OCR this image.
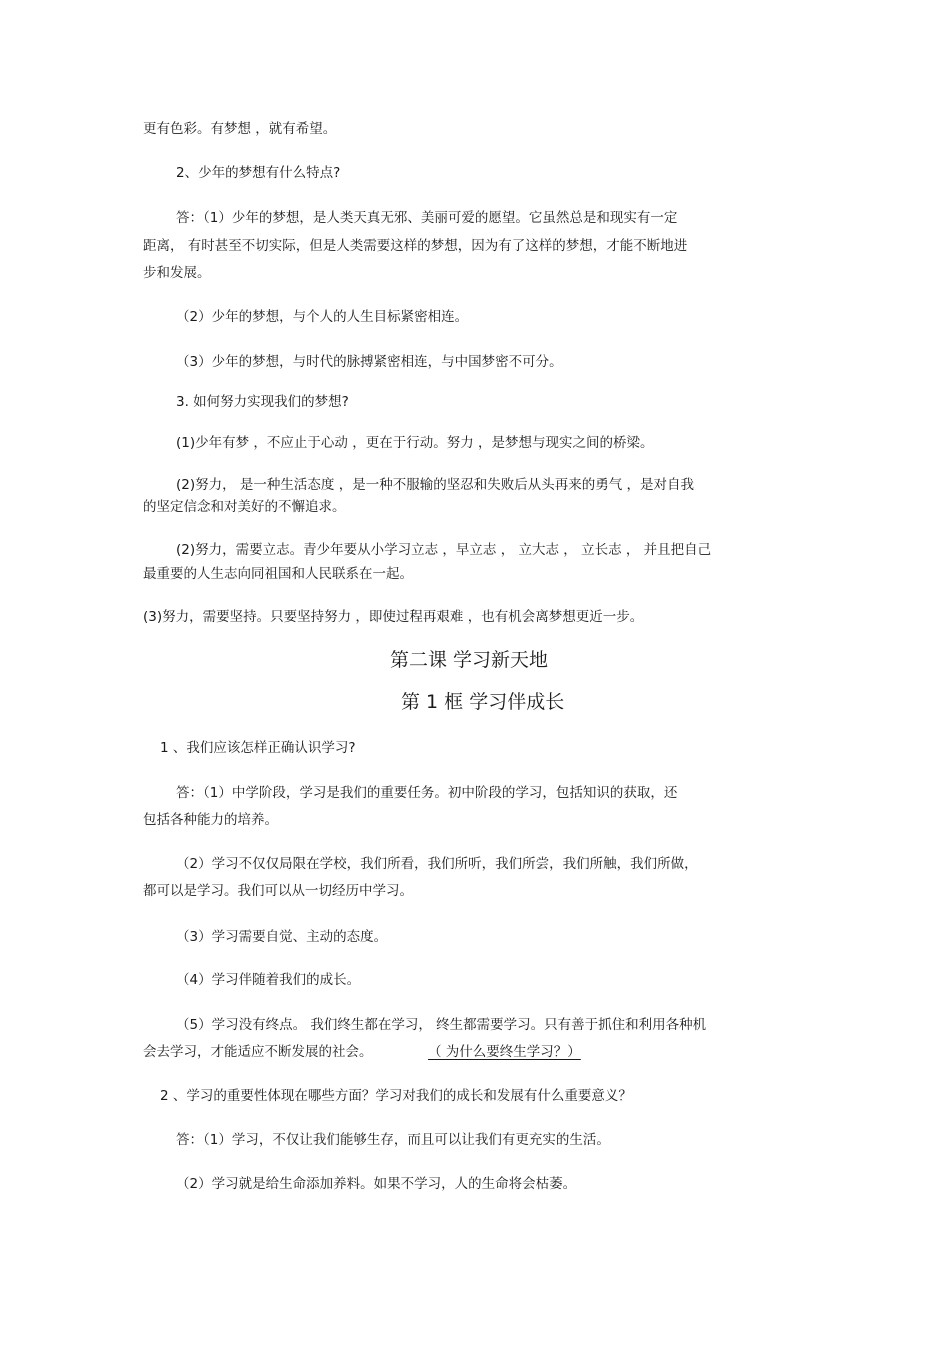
更有色彩。有梦想 ，就有希望。
2、少年的梦想有什么特点?
答：（1）少年的梦想，是人类天真无邪、美丽可爱的愿望。它虽然总是和现实有一定
距离， 有时甚至不切实际，但是人类需要这样的梦想，因为有了这样的梦想，才能不断地进
步和发展。
（2）少年的梦想，与个人的人生目标紧密相连。
（3）少年的梦想，与时代的脉搏紧密相连，与中国梦密不可分。
3. 如何努力实现我们的梦想?
(1)少年有梦 ，不应止于心动 ，更在于行动。努力 ，是梦想与现实之间的桥梁。
(2)努力， 是一种生活态度 ，是一种不服输的坚忍和失败后从头再来的勇气 ，是对自我
的坚定信念和对美好的不懈追求。
(2)努力，需要立志。青少年要从小学习立志 ，早立志 ， 立大志 ， 立长志 ， 并且把自己
最重要的人生志向同祖国和人民联系在一起。
(3)努力，需要坚持。只要坚持努力 ，即使过程再艰难 ，也有机会离梦想更近一步。
第二课 学习新天地
第 1 框 学习伴成长
1 、我们应该怎样正确认识学习?
答：（1）中学阶段，学习是我们的重要任务。初中阶段的学习，包括知识的获取，还
包括各种能力的培养。
（2）学习不仅仅局限在学校，我们所看，我们所听，我们所尝，我们所触，我们所做，
都可以是学习。我们可以从一切经历中学习。
（3）学习需要自觉、主动的态度。
（4）学习伴随着我们的成长。
（5）学习没有终点。 我们终生都在学习， 终生都需要学习。只有善于抓住和利用各种机
会去学习，才能适应不断发展的社会。	（ 为什么要终生学习？）
2 、学习的重要性体现在哪些方面？学习对我们的成长和发展有什么重要意义？
答：（1）学习，不仅让我们能够生存，而且可以让我们有更充实的生活。
（2）学习就是给生命添加养料。如果不学习，人的生命将会枯萎。
